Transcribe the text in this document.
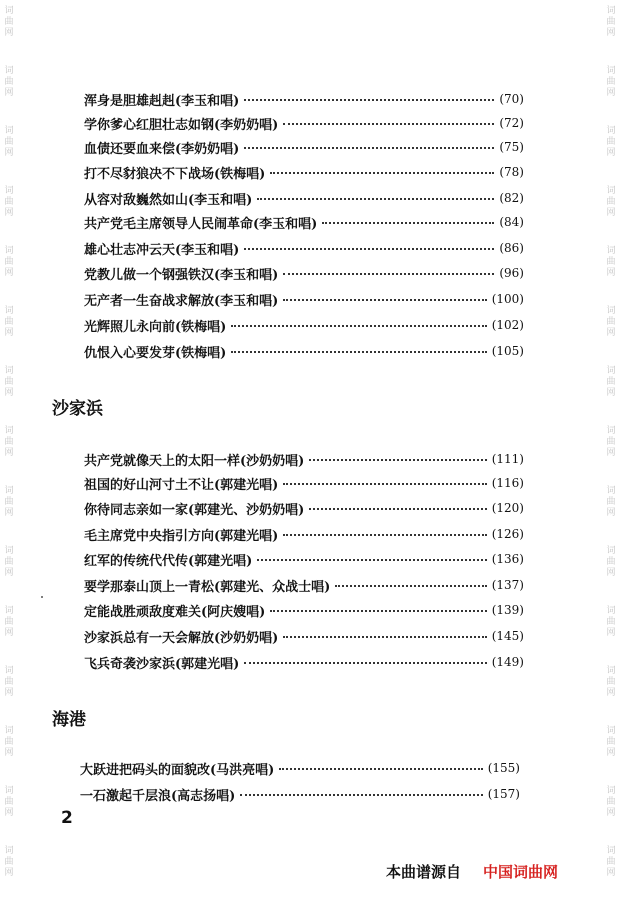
词
曲
网
词
曲
网
词
曲
网
词
曲
网
词
曲
网
词
曲
网
词
曲
网
词
曲
网
词
曲
网
词
曲
网
词
曲
网
词
曲
网
词
曲
网
词
曲
网
词
曲
网
词
曲
网
词
曲
网
词
曲
网
词
曲
网
词
曲
网
词
曲
网
词
曲
网
词
曲
网
词
曲
网
词
曲
网
词
曲
网
词
曲
网
词
曲
网
词
曲
网
词
曲
网
浑身是胆雄赳赳(李玉和唱)	(70)
学你爹心红胆壮志如钢(李奶奶唱)	(72)
血债还要血来偿(李奶奶唱)	(75)
打不尽豺狼决不下战场(铁梅唱)	(78)
从容对敌巍然如山(李玉和唱)	(82)
共产党毛主席领导人民闹革命(李玉和唱)	(84)
雄心壮志冲云天(李玉和唱)	(86)
党教儿做一个钢强铁汉(李玉和唱)	(96)
无产者一生奋战求解放(李玉和唱)	(100)
光辉照儿永向前(铁梅唱)	(102)
仇恨入心要发芽(铁梅唱)	(105)
沙家浜
共产党就像天上的太阳一样(沙奶奶唱)	(111)
祖国的好山河寸土不让(郭建光唱)	(116)
你待同志亲如一家(郭建光、沙奶奶唱)	(120)
毛主席党中央指引方向(郭建光唱)	(126)
红军的传统代代传(郭建光唱)	(136)
要学那泰山顶上一青松(郭建光、众战士唱)	(137)
定能战胜顽敌度难关(阿庆嫂唱)	(139)
沙家浜总有一天会解放(沙奶奶唱)	(145)
飞兵奇袭沙家浜(郭建光唱)	(149)
海港
大跃进把码头的面貌改(马洪亮唱)	(155)
一石激起千层浪(高志扬唱)	(157)
2
本曲谱源自 中国词曲网
